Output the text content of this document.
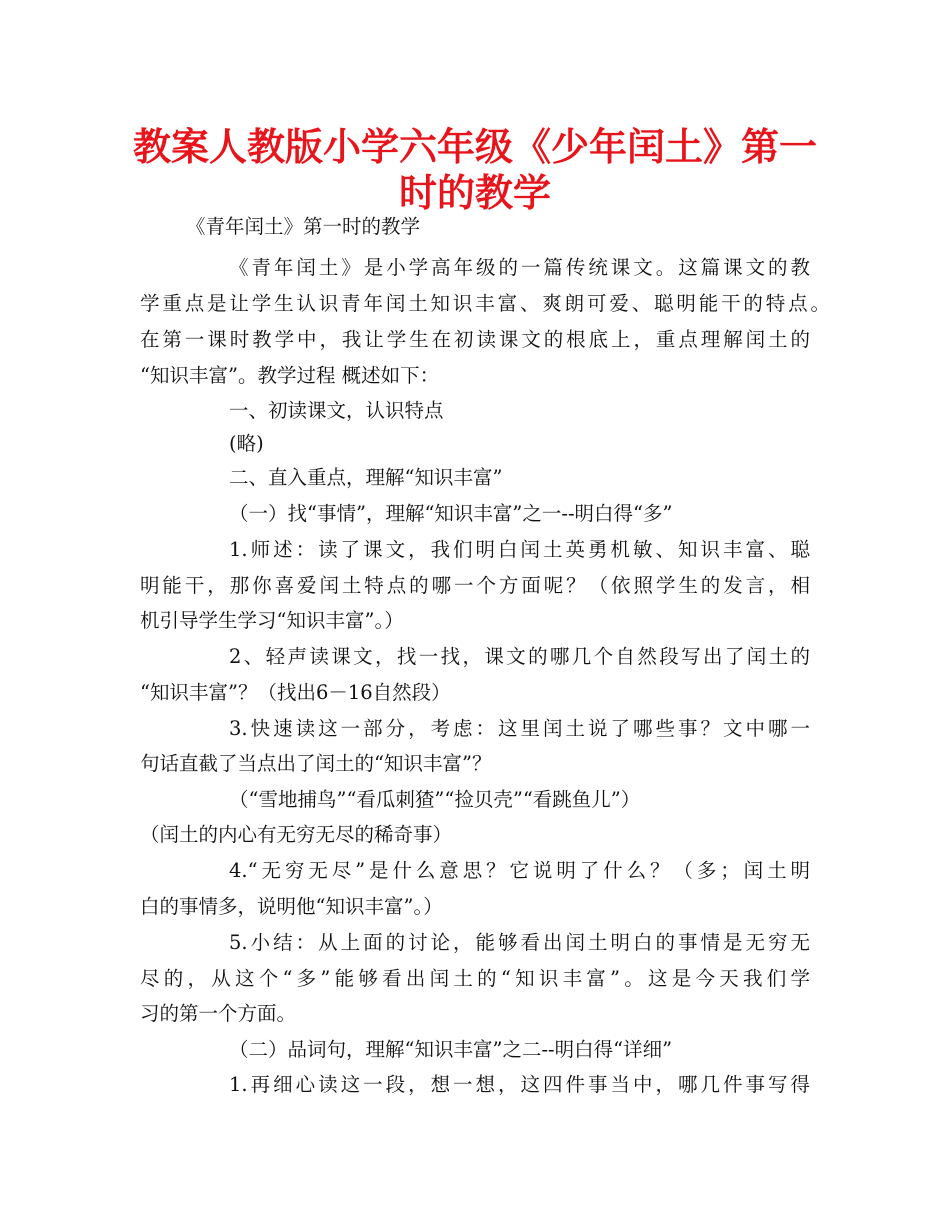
教案人教版小学六年级《少年闰土》第一
时的教学
《青年闰土》第一时的教学
《青年闰土》是小学高年级的一篇传统课文。这篇课文的教
学重点是让学生认识青年闰土知识丰富、爽朗可爱、聪明能干的特点。
在第一课时教学中，我让学生在初读课文的根底上，重点理解闰土的
“知识丰富”。教学过程 概述如下：
一、初读课文，认识特点
(略)
二、直入重点，理解“知识丰富”
（一）找“事情”，理解“知识丰富”之一--明白得“多”
1.师述：读了课文，我们明白闰土英勇机敏、知识丰富、聪
明能干，那你喜爱闰土特点的哪一个方面呢？（依照学生的发言，相
机引导学生学习“知识丰富”。）
2、轻声读课文，找一找，课文的哪几个自然段写出了闰土的
“知识丰富”？（找出6－16自然段）
3.快速读这一部分，考虑：这里闰土说了哪些事？文中哪一
句话直截了当点出了闰土的“知识丰富”？
（“雪地捕鸟”“看瓜刺猹”“捡贝壳”“看跳鱼儿”）
（闰土的内心有无穷无尽的稀奇事）
4.“无穷无尽”是什么意思？它说明了什么？（多；闰土明
白的事情多，说明他“知识丰富”。）
5.小结：从上面的讨论，能够看出闰土明白的事情是无穷无
尽的，从这个“多”能够看出闰土的“知识丰富”。这是今天我们学
习的第一个方面。
（二）品词句，理解“知识丰富”之二--明白得“详细”
1.再细心读这一段，想一想，这四件事当中，哪几件事写得
